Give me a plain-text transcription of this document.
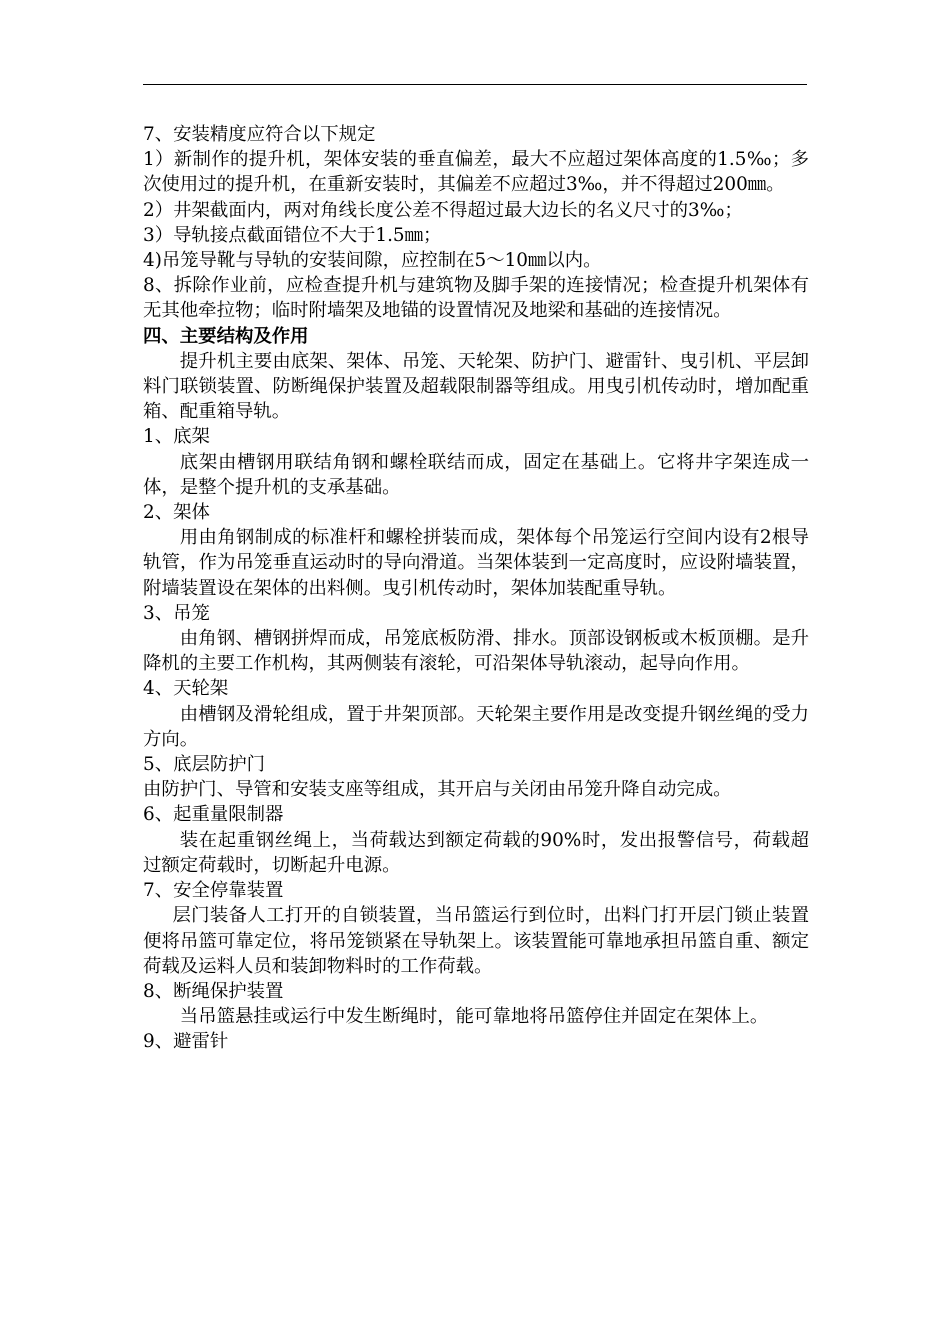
7、安装精度应符合以下规定

1）新制作的提升机，架体安装的垂直偏差，最大不应超过架体高度的1.5‰；多次使用过的提升机，在重新安装时，其偏差不应超过3‰，并不得超过200㎜。

2）井架截面内，两对角线长度公差不得超过最大边长的名义尺寸的3‰；

3）导轨接点截面错位不大于1.5㎜；

4)吊笼导靴与导轨的安装间隙，应控制在5～10㎜以内。

8、拆除作业前，应检查提升机与建筑物及脚手架的连接情况；检查提升机架体有无其他牵拉物；临时附墙架及地锚的设置情况及地梁和基础的连接情况。

四、主要结构及作用

提升机主要由底架、架体、吊笼、天轮架、防护门、避雷针、曳引机、平层卸料门联锁装置、防断绳保护装置及超载限制器等组成。用曳引机传动时，增加配重箱、配重箱导轨。

1、底架

底架由槽钢用联结角钢和螺栓联结而成，固定在基础上。它将井字架连成一体，是整个提升机的支承基础。

2、架体

用由角钢制成的标准杆和螺栓拼装而成，架体每个吊笼运行空间内设有2根导轨管，作为吊笼垂直运动时的导向滑道。当架体装到一定高度时，应设附墙装置，附墙装置设在架体的出料侧。曳引机传动时，架体加装配重导轨。

3、吊笼

由角钢、槽钢拼焊而成，吊笼底板防滑、排水。顶部设钢板或木板顶棚。是升降机的主要工作机构，其两侧装有滚轮，可沿架体导轨滚动，起导向作用。

4、天轮架

由槽钢及滑轮组成，置于井架顶部。天轮架主要作用是改变提升钢丝绳的受力方向。

5、底层防护门

由防护门、导管和安装支座等组成，其开启与关闭由吊笼升降自动完成。

6、起重量限制器

装在起重钢丝绳上，当荷载达到额定荷载的90%时，发出报警信号，荷载超过额定荷载时，切断起升电源。

7、安全停靠装置

层门装备人工打开的自锁装置，当吊篮运行到位时，出料门打开层门锁止装置便将吊篮可靠定位，将吊笼锁紧在导轨架上。该装置能可靠地承担吊篮自重、额定荷载及运料人员和装卸物料时的工作荷载。

8、断绳保护装置

当吊篮悬挂或运行中发生断绳时，能可靠地将吊篮停住并固定在架体上。

9、避雷针
